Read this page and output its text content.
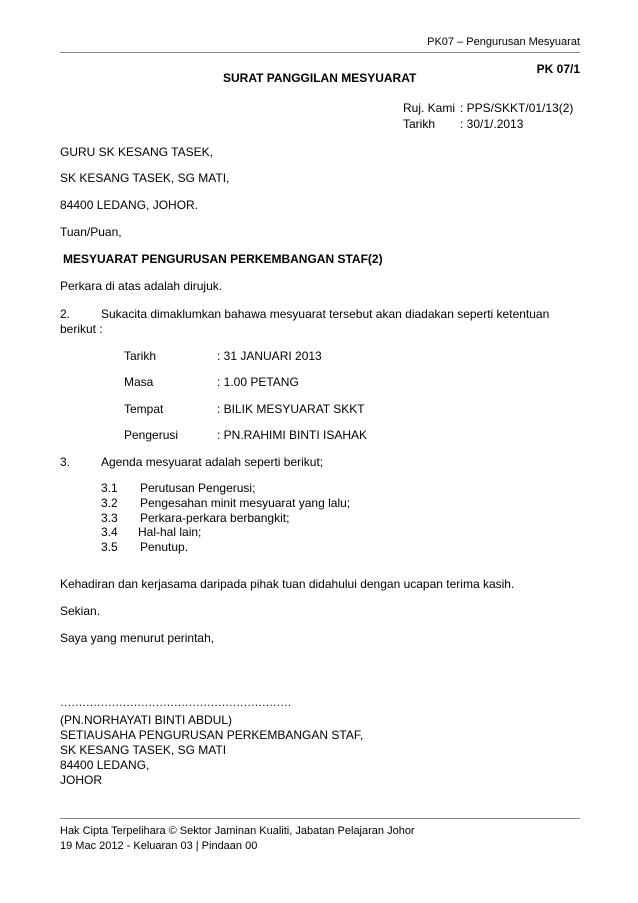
PK07 – Pengurusan Mesyuarat
PK 07/1
SURAT PANGGILAN MESYUARAT
Ruj. Kami : PPS/SKKT/01/13(2)
Tarikh : 30/1/.2013
GURU SK KESANG TASEK,
SK KESANG TASEK, SG MATI,
84400 LEDANG, JOHOR.
Tuan/Puan,
MESYUARAT PENGURUSAN PERKEMBANGAN STAF(2)
Perkara di atas adalah dirujuk.
2.	Sukacita dimaklumkan bahawa mesyuarat tersebut akan diadakan seperti ketentuan
berikut :
Tarikh	: 31 JANUARI 2013
Masa	: 1.00 PETANG
Tempat	: BILIK MESYUARAT SKKT
Pengerusi	: PN.RAHIMI BINTI ISAHAK
3.	Agenda mesyuarat adalah seperti berikut;
3.1 Perutusan Pengerusi;
3.2 Pengesahan minit mesyuarat yang lalu;
3.3 Perkara-perkara berbangkit;
3.4 Hal-hal lain;
3.5 Penutup.
Kehadiran dan kerjasama daripada pihak tuan didahului dengan ucapan terima kasih.
Sekian.
Saya yang menurut perintah,
………………………………………………………
(PN.NORHAYATI BINTI ABDUL)
SETIAUSAHA PENGURUSAN PERKEMBANGAN STAF,
SK KESANG TASEK, SG MATI
84400 LEDANG,
JOHOR
Hak Cipta Terpelihara © Sektor Jaminan Kualiti, Jabatan Pelajaran Johor
19 Mac 2012 - Keluaran 03 | Pindaan 00
